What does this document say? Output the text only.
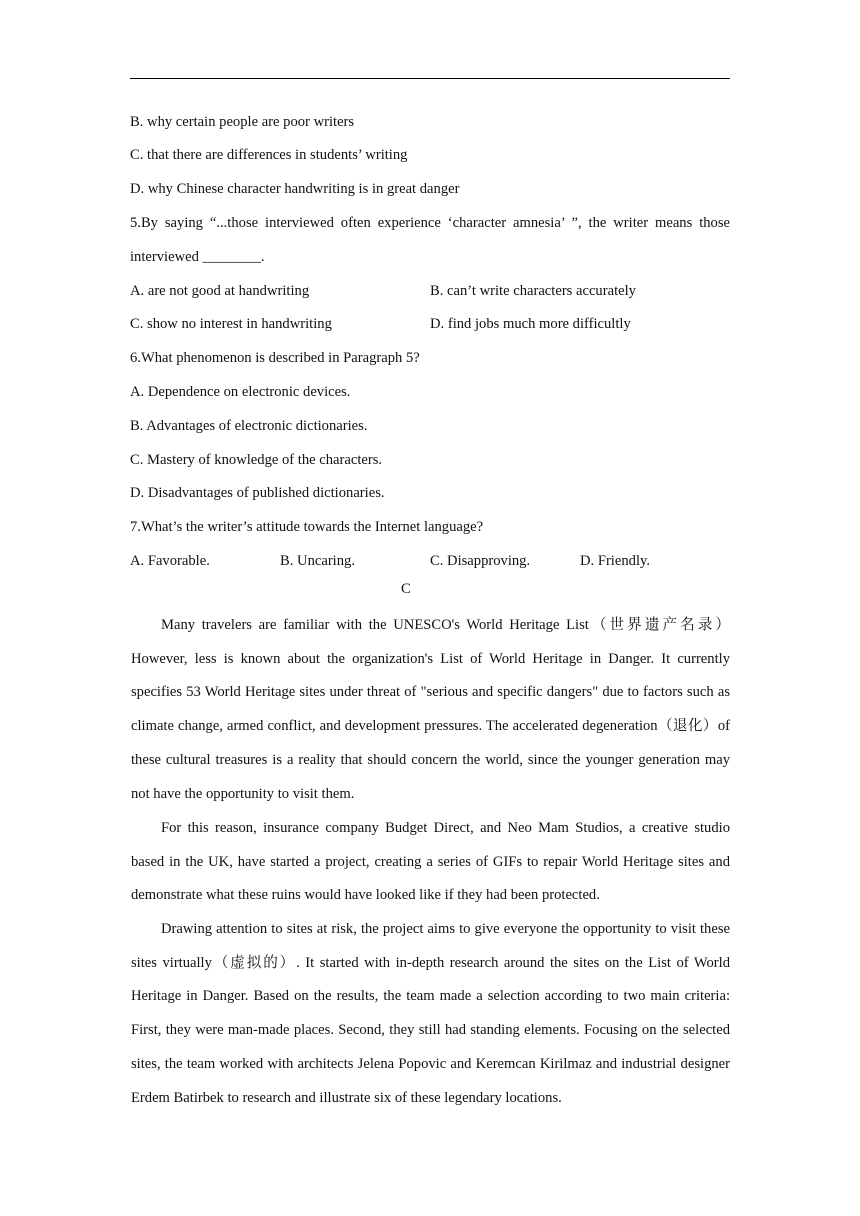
B. why certain people are poor writers
C. that there are differences in students’ writing
D. why Chinese character handwriting is in great danger
5.By saying “...those interviewed often experience ‘character amnesia’ ”, the writer means those
interviewed ________.
A. are not good at handwriting	B. can’t write characters accurately
C. show no interest in handwriting	D. find jobs much more difficultly
6.What phenomenon is described in Paragraph 5?
A. Dependence on electronic devices.
B. Advantages of electronic dictionaries.
C. Mastery of knowledge of the characters.
D. Disadvantages of published dictionaries.
7.What’s the writer’s attitude towards the Internet language?
A. Favorable.	B. Uncaring.	C. Disapproving.	D. Friendly.
C

Many travelers are familiar with the UNESCO's World Heritage List（世界遗产名录）However, less is known about the organization's List of World Heritage in Danger. It currently specifies 53 World Heritage sites under threat of "serious and specific dangers" due to factors such as climate change, armed conflict, and development pressures. The accelerated degeneration（退化）of these cultural treasures is a reality that should concern the world, since the younger generation may not have the opportunity to visit them.

For this reason, insurance company Budget Direct, and Neo Mam Studios, a creative studio based in the UK, have started a project, creating a series of GIFs to repair World Heritage sites and demonstrate what these ruins would have looked like if they had been protected.

Drawing attention to sites at risk, the project aims to give everyone the opportunity to visit these sites virtually（虚拟的）. It started with in-depth research around the sites on the List of World Heritage in Danger. Based on the results, the team made a selection according to two main criteria: First, they were man-made places. Second, they still had standing elements. Focusing on the selected sites, the team worked with architects Jelena Popovic and Keremcan Kirilmaz and industrial designer Erdem Batirbek to research and illustrate six of these legendary locations.
